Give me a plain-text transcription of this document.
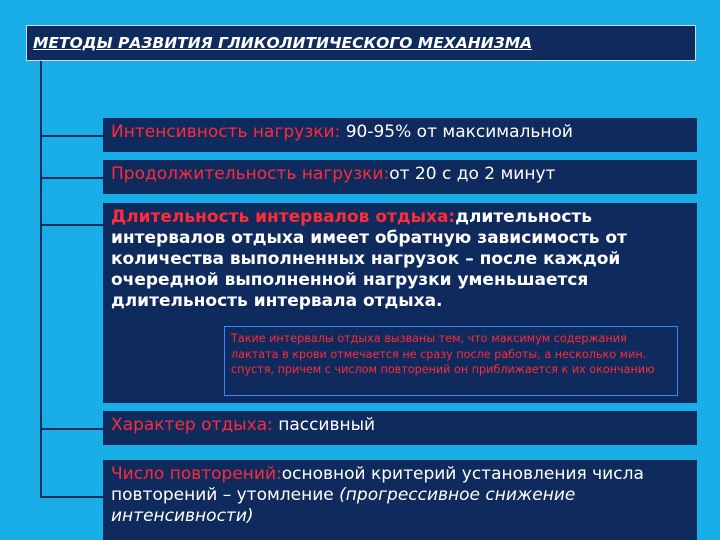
МЕТОДЫ РАЗВИТИЯ ГЛИКОЛИТИЧЕСКОГО МЕХАНИЗМА
Интенсивность нагрузки: 90-95% от максимальной
Продолжительность нагрузки:от 20 с до 2 минут
Длительность интервалов отдыха:длительность интервалов отдыха имеет обратную зависимость от количества выполненных нагрузок – после каждой очередной выполненной нагрузки уменьшается длительность интервала отдыха.
Такие интервалы отдыха вызваны тем, что максимум содержания лактата в крови отмечается не сразу после работы, а несколько мин. спустя, причем с числом повторений он приближается к их окончанию
Характер отдыха: пассивный
Число повторений:основной критерий установления числа повторений – утомление (прогрессивное снижение интенсивности)
